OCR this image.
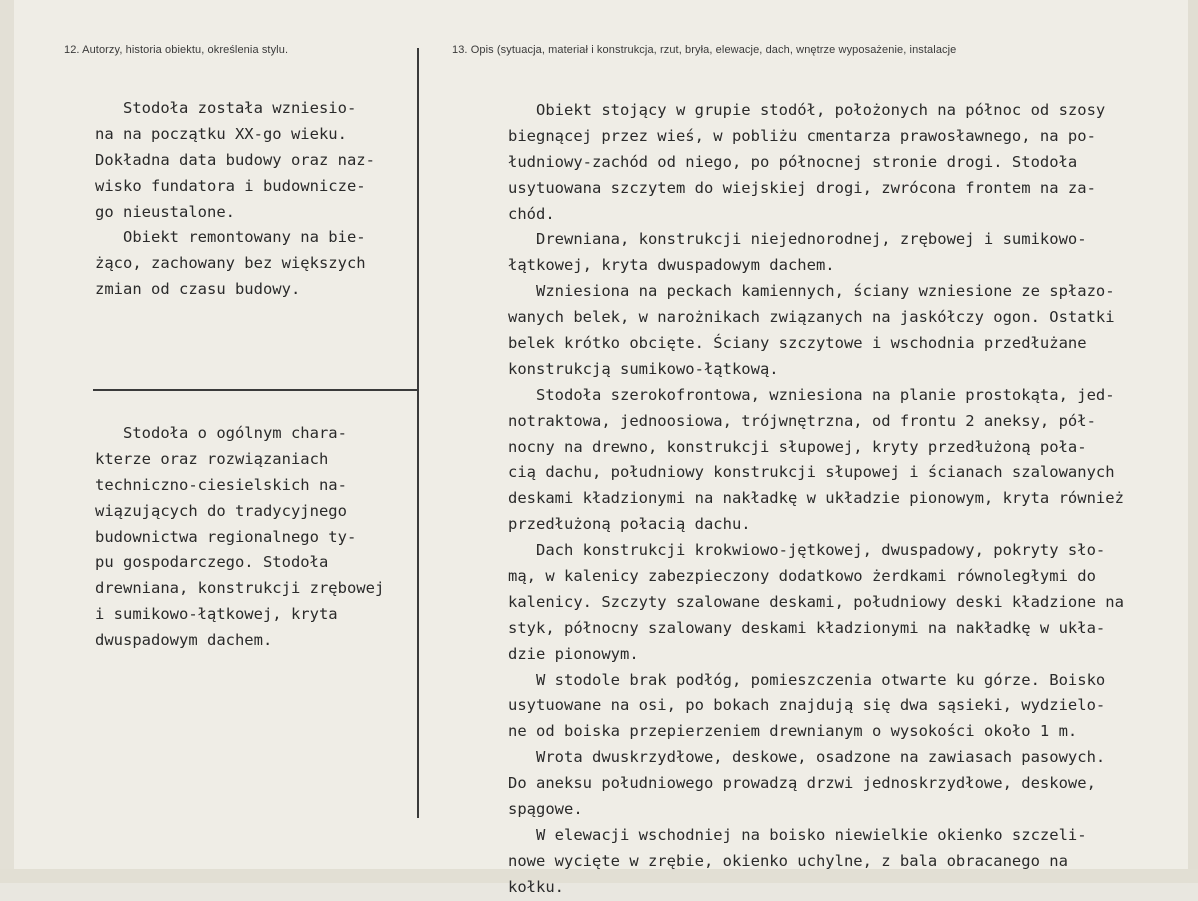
12. Autorzy, historia obiektu, określenia stylu.	13. Opis (sytuacja, materiał i konstrukcja, rzut, bryła, elewacje, dach, wnętrze wyposażenie, instalacje
Stodoła została wzniesio-
na na początku XX-go wieku.
Dokładna data budowy oraz naz-
wisko fundatora i budownicze-
go nieustalone.
Obiekt remontowany na bie-
żąco, zachowany bez większych
zmian od czasu budowy.
Stodoła o ogólnym chara-
kterze oraz rozwiązaniach
techniczno-ciesielskich na-
wiązujących do tradycyjnego
budownictwa regionalnego ty-
pu gospodarczego. Stodoła
drewniana, konstrukcji zrębowej
i sumikowo-łątkowej, kryta
dwuspadowym dachem.
Obiekt stojący w grupie stodół, położonych na północ od szosy
biegnącej przez wieś, w pobliżu cmentarza prawosławnego, na po-
łudniowy-zachód od niego, po północnej stronie drogi. Stodoła
usytuowana szczytem do wiejskiej drogi, zwrócona frontem na za-
chód.
Drewniana, konstrukcji niejednorodnej, zrębowej i sumikowo-
łątkowej, kryta dwuspadowym dachem.
Wzniesiona na peckach kamiennych, ściany wzniesione ze spłazo-
wanych belek, w narożnikach związanych na jaskółczy ogon. Ostatki
belek krótko obcięte. Ściany szczytowe i wschodnia przedłużane
konstrukcją sumikowo-łątkową.
Stodoła szerokofrontowa, wzniesiona na planie prostokąta, jed-
notraktowa, jednoosiowa, trójwnętrzna, od frontu 2 aneksy, pół-
nocny na drewno, konstrukcji słupowej, kryty przedłużoną poła-
cią dachu, południowy konstrukcji słupowej i ścianach szalowanych
deskami kładzionymi na nakładkę w układzie pionowym, kryta również
przedłużoną połacią dachu.
Dach konstrukcji krokwiowo-jętkowej, dwuspadowy, pokryty sło-
mą, w kalenicy zabezpieczony dodatkowo żerdkami równoległymi do
kalenicy. Szczyty szalowane deskami, południowy deski kładzione na
styk, północny szalowany deskami kładzionymi na nakładkę w ukła-
dzie pionowym.
W stodole brak podłóg, pomieszczenia otwarte ku górze. Boisko
usytuowane na osi, po bokach znajdują się dwa sąsieki, wydzielo-
ne od boiska przepierzeniem drewnianym o wysokości około 1 m.
Wrota dwuskrzydłowe, deskowe, osadzone na zawiasach pasowych.
Do aneksu południowego prowadzą drzwi jednoskrzydłowe, deskowe,
spągowe.
W elewacji wschodniej na boisko niewielkie okienko szczeli-
nowe wycięte w zrębie, okienko uchylne, z bala obracanego na
kołku.
